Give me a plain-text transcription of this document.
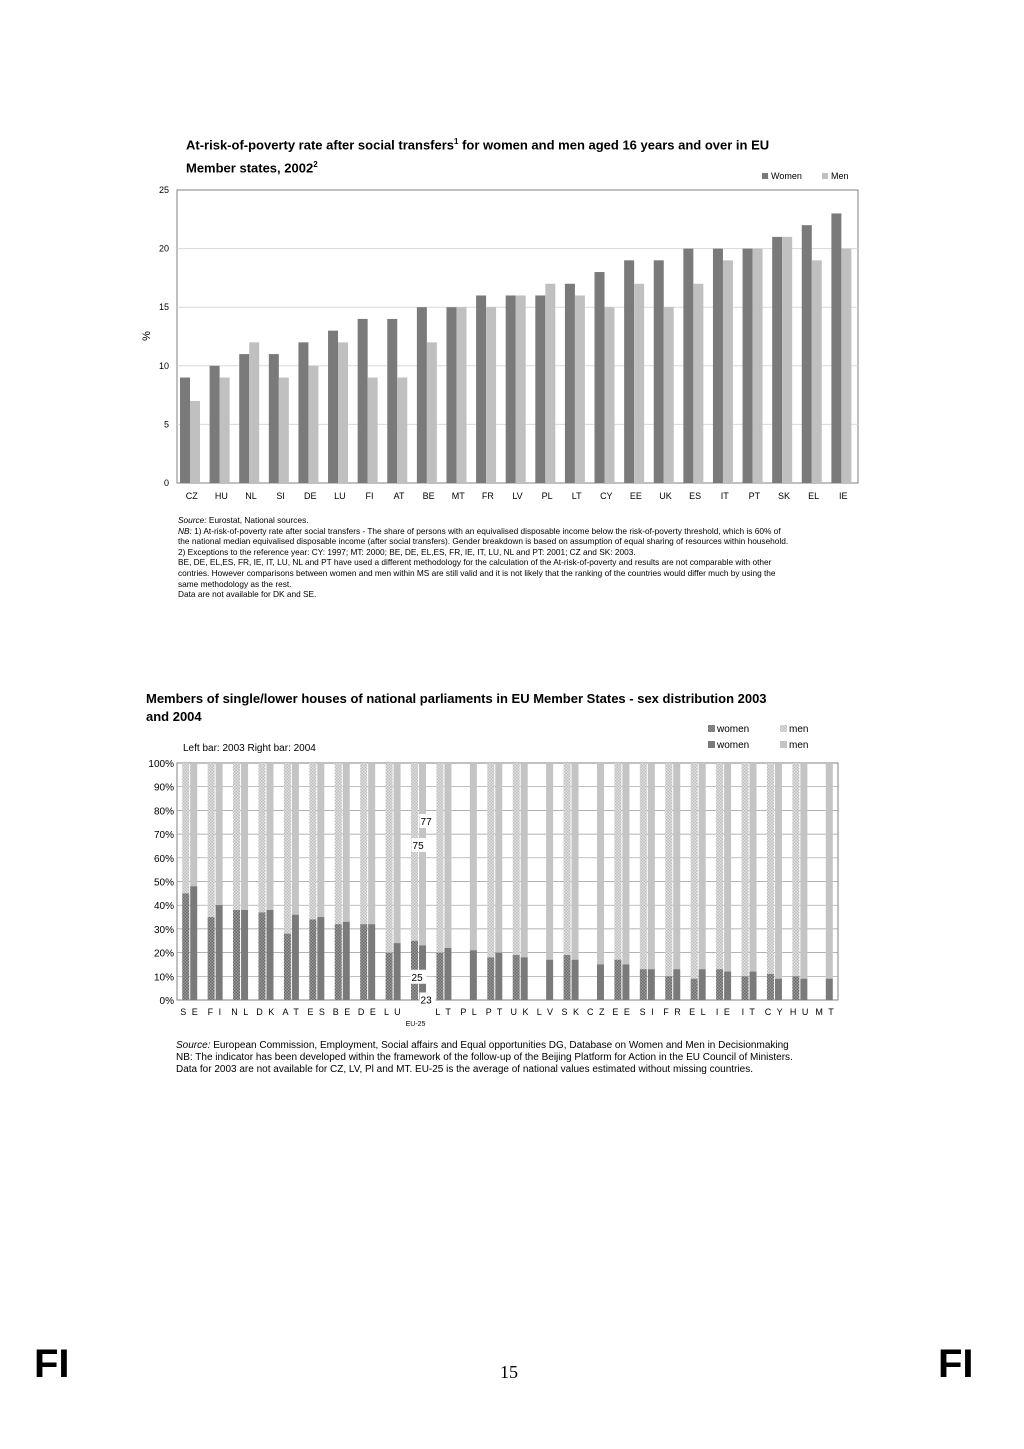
At-risk-of-poverty rate after social transfers$^1$ for women and men aged 16 years and over in EU
Member states, 2002$^2$
0
5
10
15
20
25
%
CZ HU NL SI DE LU FI AT BE MT FR LV PL LT CY EE UK ES IT PT SK EL IE
Women	Men
Source: Eurostat, National sources.
NB: 1) At-risk-of-poverty rate after social transfers - The share of persons with an equivalised disposable income below the risk-of-poverty threshold, which is 60% of
the national median equivalised disposable income (after social transfers). Gender breakdown is based on assumption of equal sharing of resources within household.
2) Exceptions to the reference year: CY: 1997; MT: 2000; BE, DE, EL,ES, FR, IE, IT, LU, NL and PT: 2001; CZ and SK: 2003.
BE, DE, EL,ES, FR, IE, IT, LU, NL and PT have used a different methodology for the calculation of the At-risk-of-poverty and results are not comparable with other
contries. However comparisons between women and men within MS are still valid and it is not likely that the ranking of the countries would differ much by using the
same methodology as the rest.
Data are not available for DK and SE.
Members of single/lower houses of national parliaments in EU Member States - sex distribution 2003
and 2004
0%
10%
20%
30%
40%
50%
60%
70%
80%
90%
100%
Left bar: 2003 Right bar: 2004
S E F I N L D K A T E S B E D E L U	L T P L P T U K L V S K C Z E E S I F R E L I E I T C Y H U M T
EU-25
77
75
25
23
women	men
women	men
Source: European Commission, Employment, Social affairs and Equal opportunities DG, Database on Women and Men in Decisionmaking
NB: The indicator has been developed within the framework of the follow-up of the Beijing Platform for Action in the EU Council of Ministers.
Data for 2003 are not available for CZ, LV, Pl and MT. EU-25 is the average of national values estimated without missing countries.
FI	15	FI
